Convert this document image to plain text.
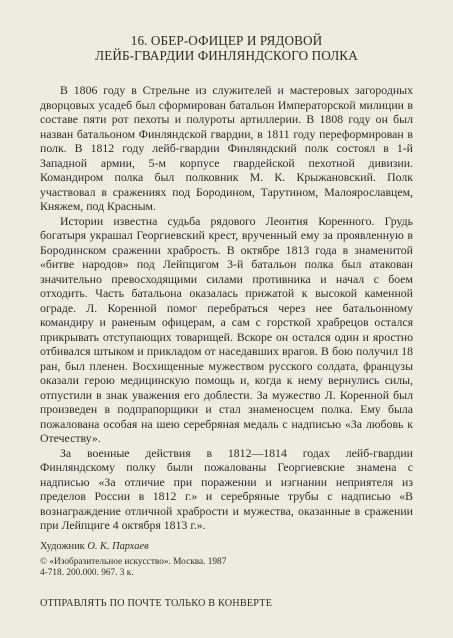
16. ОБЕР-ОФИЦЕР И РЯДОВОЙ
ЛЕЙБ-ГВАРДИИ ФИНЛЯНДСКОГО ПОЛКА

В 1806 году в Стрельне из служителей и мастеровых загородных дворцовых усадеб был сформирован батальон Императорской милиции в составе пяти рот пехоты и полуроты артиллерии. В 1808 году он был назван батальоном Финляндской гвардии, в 1811 году переформирован в полк. В 1812 году лейб-гвардии Финляндский полк состоял в 1-й Западной армии, 5-м корпусе гвардейской пехотной дивизии. Командиром полка был полковник М. К. Крыжановский. Полк участвовал в сражениях под Бородином, Тарутином, Малоярославцем, Княжем, под Красным.

Истории известна судьба рядового Леонтия Коренного. Грудь богатыря украшал Георгиевский крест, врученный ему за проявленную в Бородинском сражении храбрость. В октябре 1813 года в знаменитой «битве народов» под Лейпцигом 3-й батальон полка был атакован значительно превосходящими силами противника и начал с боем отходить. Часть батальона оказалась прижатой к высокой каменной ограде. Л. Коренной помог перебраться через нее батальонному командиру и раненым офицерам, а сам с горсткой храбрецов остался прикрывать отступающих товарищей. Вскоре он остался один и яростно отбивался штыком и прикладом от наседавших врагов. В бою получил 18 ран, был пленен. Восхищенные мужеством русского солдата, французы оказали герою медицинскую помощь и, когда к нему вернулись силы, отпустили в знак уважения его доблести. За мужество Л. Коренной был произведен в подпрапорщики и стал знаменосцем полка. Ему была пожалована особая на шею серебряная медаль с надписью «За любовь к Отечеству».

За военные действия в 1812—1814 годах лейб-гвардии Финляндскому полку были пожалованы Георгиевские знамена с надписью «За отличие при поражении и изгнании неприятеля из пределов России в 1812 г.» и серебряные трубы с надписью «В вознаграждение отличной храбрости и мужества, оказанные в сражении при Лейпциге 4 октября 1813 г.».

Художник О. К. Пархаев
© «Изобразительное искусство». Москва. 1987
4-718. 200.000. 967. 3 к.
ОТПРАВЛЯТЬ ПО ПОЧТЕ ТОЛЬКО В КОНВЕРТЕ
